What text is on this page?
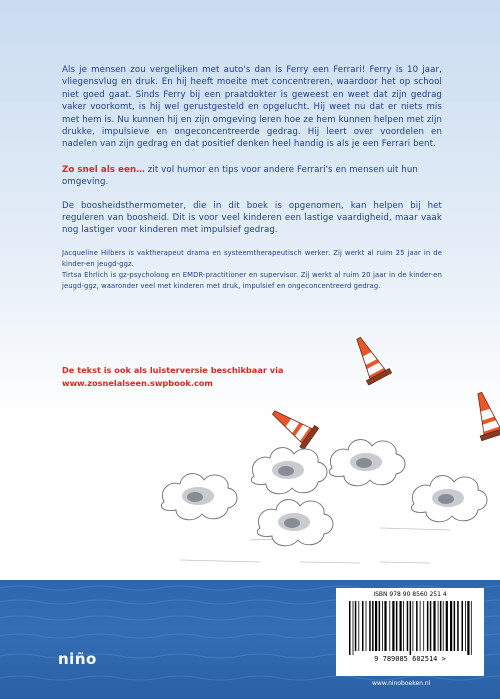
Als je mensen zou vergelijken met auto's dan is Ferry een Ferrari! Ferry is 10 jaar, vliegensvlug en druk. En hij heeft moeite met concentreren, waardoor het op school niet goed gaat. Sinds Ferry bij een praatdokter is geweest en weet dat zijn gedrag vaker voorkomt, is hij wel gerustgesteld en opgelucht. Hij weet nu dat er niets mis met hem is. Nu kunnen hij en zijn omgeving leren hoe ze hem kunnen helpen met zijn drukke, impulsieve en ongeconcentreerde gedrag. Hij leert over voordelen en nadelen van zijn gedrag en dat positief denken heel handig is als je een Ferrari bent.

Zo snel als een… zit vol humor en tips voor andere Ferrari's en mensen uit hun omgeving.

De boosheidsthermometer, die in dit boek is opgenomen, kan helpen bij het reguleren van boosheid. Dit is voor veel kinderen een lastige vaardigheid, maar vaak nog lastiger voor kinderen met impulsief gedrag.

Jacqueline Hilbers is vaktherapeut drama en systeemtherapeutisch werker. Zij werkt al ruim 25 jaar in de kinder-en jeugd-ggz.
Tirtsa Ehrlich is gz-psycholoog en EMDR-practitioner en supervisor. Zij werkt al ruim 20 jaar in de kinder-en jeugd-ggz, waaronder veel met kinderen met druk, impulsief en ongeconcentreerd gedrag.
De tekst is ook als luisterversie beschikbaar via
www.zosnelalseen.swpbook.com
niño
ISBN 978 90 8560 251 4
9 789085 602514 >
www.ninoboeken.nl
